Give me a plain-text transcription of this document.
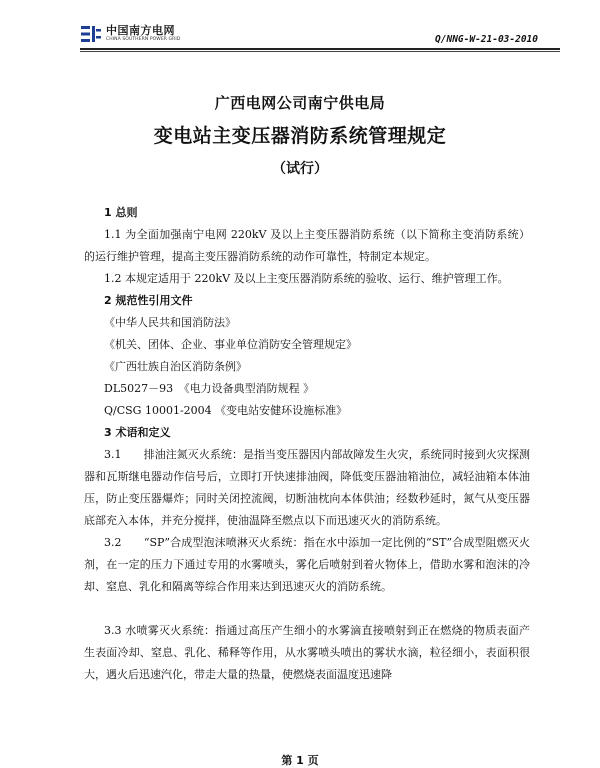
中国南方电网
CHINA SOUTHERN POWER GRID	Q/NNG-W-21-03-2010
广西电网公司南宁供电局
变电站主变压器消防系统管理规定
（试行）

1 总则

1.1 为全面加强南宁电网 220kV 及以上主变压器消防系统（以下简称主变消防系统）的运行维护管理，提高主变压器消防系统的动作可靠性，特制定本规定。

1.2 本规定适用于 220kV 及以上主变压器消防系统的验收、运行、维护管理工作。

2 规范性引用文件

《中华人民共和国消防法》

《机关、团体、企业、事业单位消防安全管理规定》

《广西壮族自治区消防条例》

DL5027－93　《电力设备典型消防规程 》

Q/CSG 10001-2004 《变电站安健环设施标准》

3 术语和定义

3.1　　排油注氮灭火系统：是指当变压器因内部故障发生火灾，系统同时接到火灾探测器和瓦斯继电器动作信号后，立即打开快速排油阀，降低变压器油箱油位，减轻油箱本体油压，防止变压器爆炸；同时关闭控流阀，切断油枕向本体供油；经数秒延时，氮气从变压器底部充入本体，并充分搅拌，使油温降至燃点以下而迅速灭火的消防系统。

3.2　　“SP”合成型泡沫喷淋灭火系统：指在水中添加一定比例的“ST”合成型阻燃灭火剂，在一定的压力下通过专用的水雾喷头，雾化后喷射到着火物体上，借助水雾和泡沫的冷却、窒息、乳化和隔离等综合作用来达到迅速灭火的消防系统。

3.3 水喷雾灭火系统：指通过高压产生细小的水雾滴直接喷射到正在燃烧的物质表面产生表面冷却、窒息、乳化、稀释等作用，从水雾喷头喷出的雾状水滴，粒径细小，表面积很大，遇火后迅速汽化，带走大量的热量，使燃烧表面温度迅速降

第 1 页
